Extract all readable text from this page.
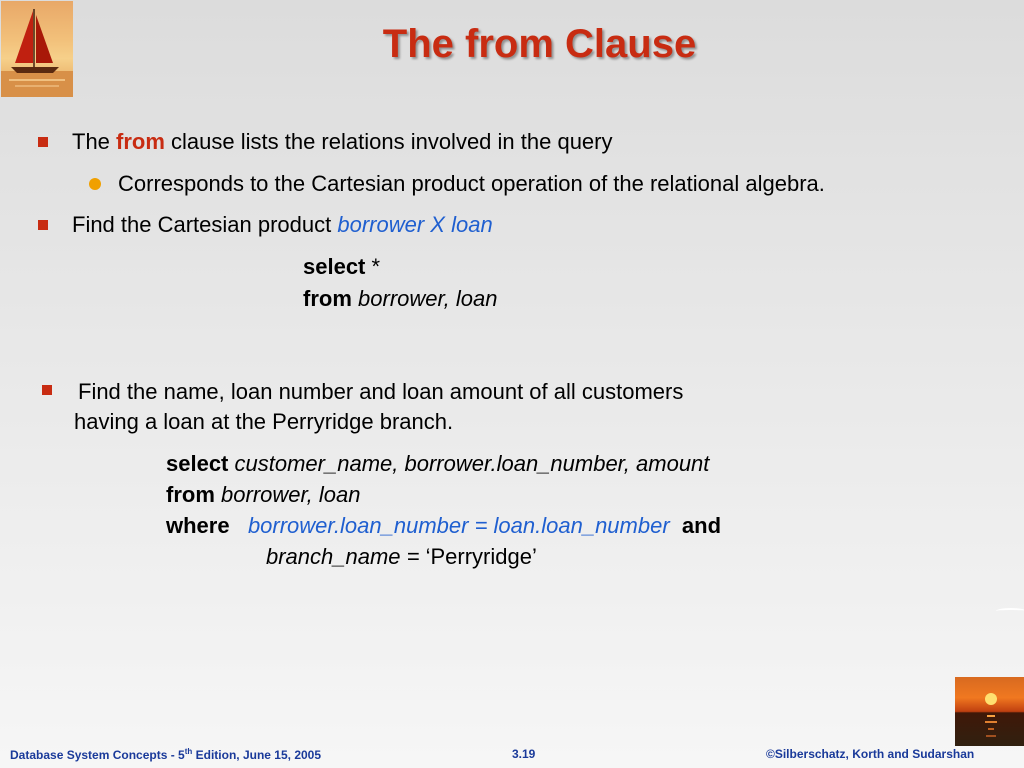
The from Clause
The from clause lists the relations involved in the query
Corresponds to the Cartesian product operation of the relational algebra.
Find the Cartesian product borrower X loan
select *
from borrower, loan
Find the name, loan number and loan amount of all customers
having a loan at the Perryridge branch.
select customer_name, borrower.loan_number, amount
from borrower, loan
where borrower.loan_number = loan.loan_number and
branch_name = ‘Perryridge’
Database System Concepts - 5th Edition, June 15, 2005	3.19	©Silberschatz, Korth and Sudarshan
